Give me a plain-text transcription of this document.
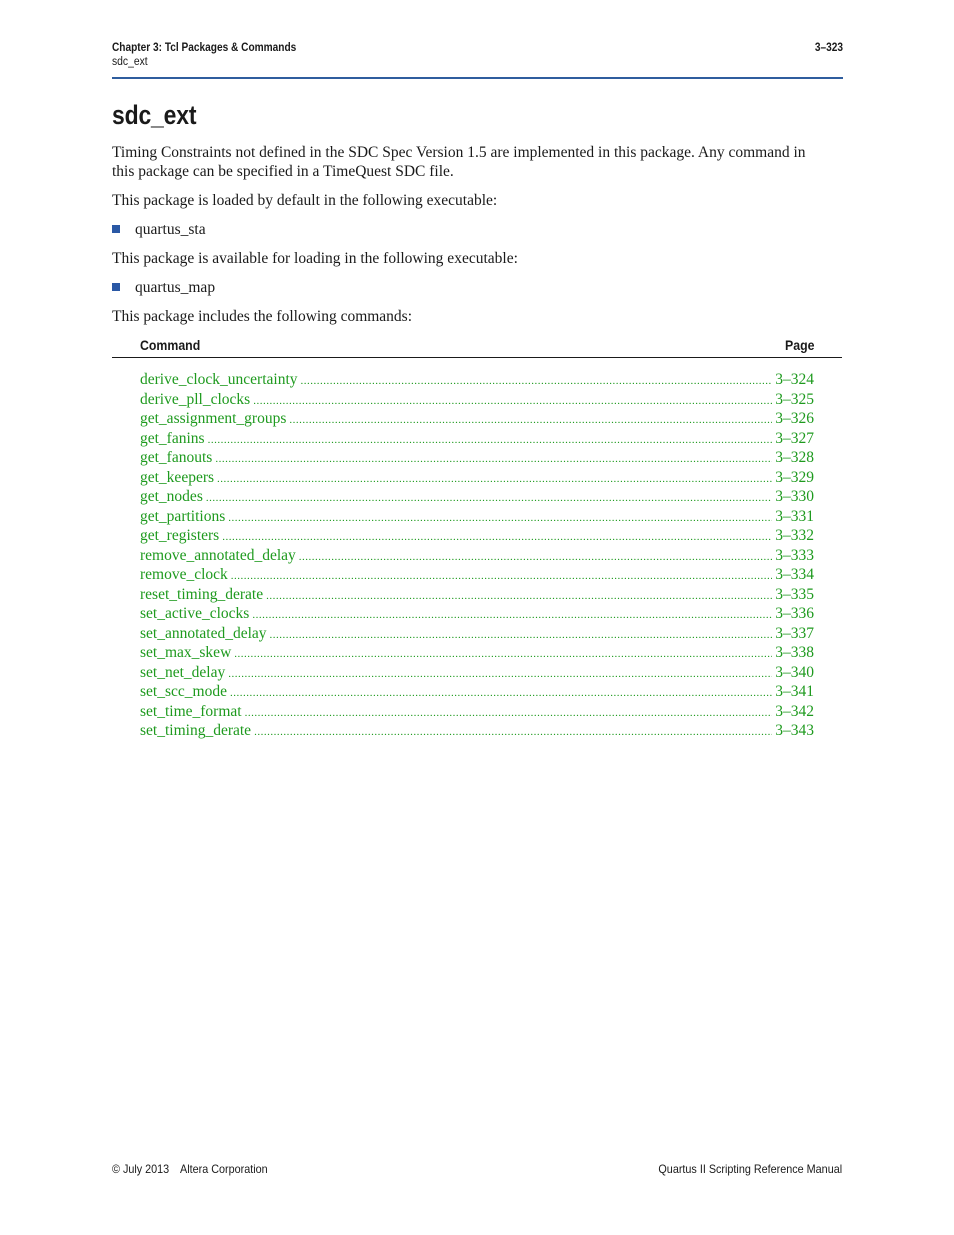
Chapter 3: Tcl Packages & Commands	3–323
sdc_ext
sdc_ext

Timing Constraints not defined in the SDC Spec Version 1.5 are implemented in this package. Any command in this package can be specified in a TimeQuest SDC file.

This package is loaded by default in the following executable:

quartus_sta

This package is available for loading in the following executable:

quartus_map

This package includes the following commands:

Command	Page
derive_clock_uncertainty .....	3–324
derive_pll_clocks .....	3–325
get_assignment_groups .....	3–326
get_fanins .....	3–327
get_fanouts .....	3–328
get_keepers .....	3–329
get_nodes .....	3–330
get_partitions .....	3–331
get_registers .....	3–332
remove_annotated_delay .....	3–333
remove_clock .....	3–334
reset_timing_derate .....	3–335
set_active_clocks .....	3–336
set_annotated_delay .....	3–337
set_max_skew .....	3–338
set_net_delay .....	3–340
set_scc_mode .....	3–341
set_time_format .....	3–342
set_timing_derate .....	3–343
© July 2013 Altera Corporation	Quartus II Scripting Reference Manual
